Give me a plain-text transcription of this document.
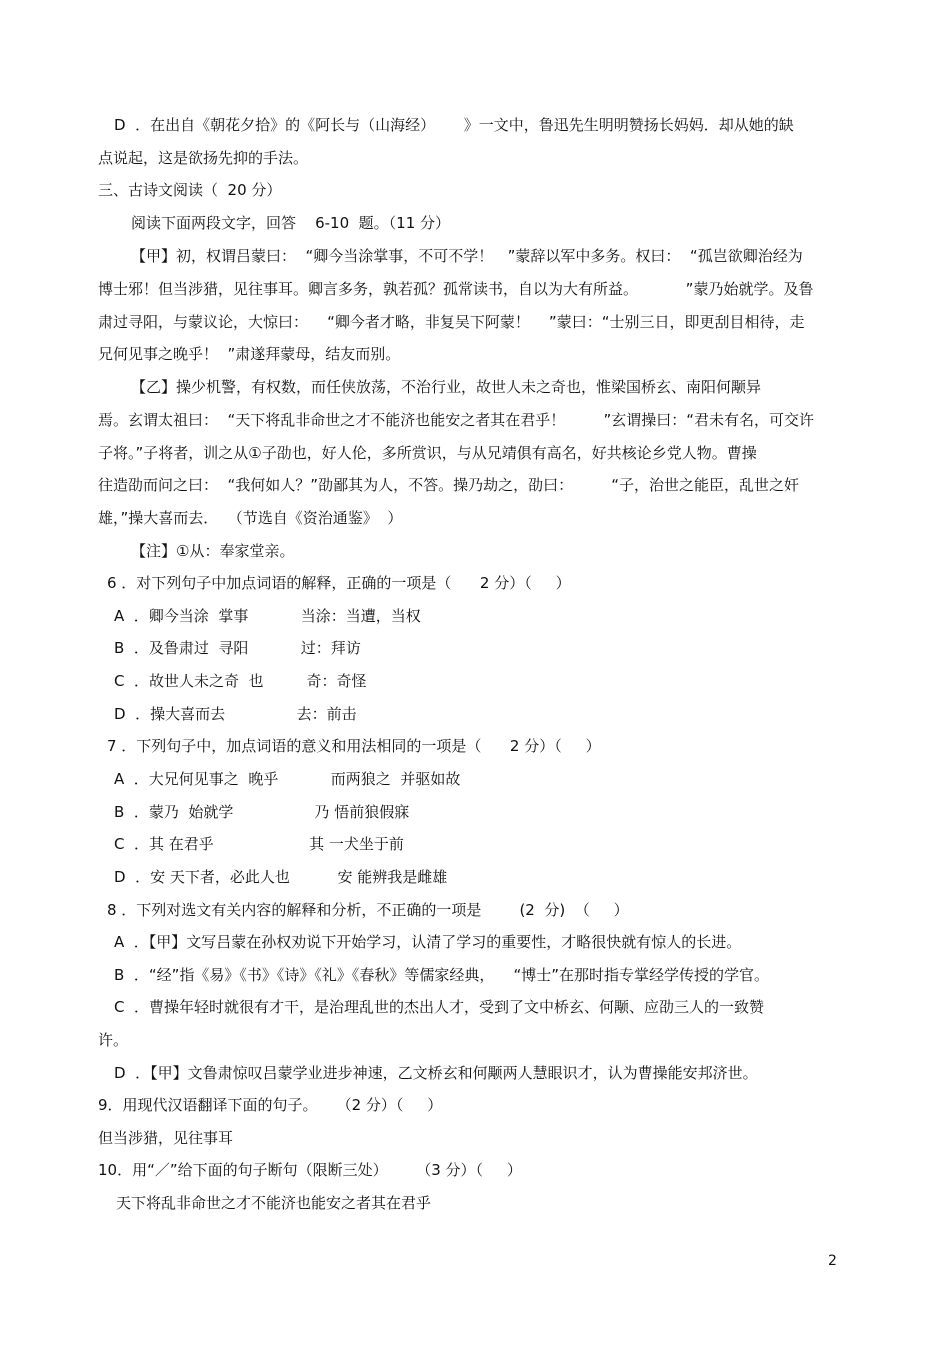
D  ．在出自《朝花夕拾》的《阿长与（山海经）      》一文中，鲁迅先生明明赞扬长妈妈．却从她的缺
点说起，这是欲扬先抑的手法。
三、古诗文阅读（  20 分）
阅读下面两段文字，回答    6-10  题。（11 分）
【甲】初，权谓吕蒙曰：  “卿今当涂掌事，不可不学！   ”蒙辞以军中多务。权曰：  “孤岂欲卿治经为
博士邪！但当涉猎，见往事耳。卿言多务，孰若孤？孤常读书，自以为大有所益。          ”蒙乃始就学。及鲁
肃过寻阳，与蒙议论，大惊曰：    “卿今者才略，非复吴下阿蒙！    ”蒙曰：“士别三日，即更刮目相待，走
兄何见事之晚乎！  ”肃遂拜蒙母，结友而别。
【乙】操少机警，有权数，而任侠放荡，不治行业，故世人未之奇也，惟梁国桥玄、南阳何颙异
焉。玄谓太祖曰：  “天下将乱非命世之才不能济也能安之者其在君乎！        ”玄谓操曰：“君未有名，可交许
子将。”子将者，训之从①子劭也，好人伦，多所赏识，与从兄靖俱有高名，好共核论乡党人物。曹操
往造劭而问之曰：  “我何如人？”劭鄙其为人，不答。操乃劫之，劭曰：        “子，治世之能臣，乱世之奸
雄，”操大喜而去．  （节选自《资治通鉴》  ）
【注】①从：奉家堂亲。
6 ．对下列句子中加点词语的解释，正确的一项是（      2 分）（     ）
A  ．卿今当涂  掌事           当涂：当遭，当权
B  ．及鲁肃过  寻阳           过：拜访
C  ．故世人未之奇  也         奇：奇怪
D  ．操大喜而去               去：前击
7 ．下列句子中，加点词语的意义和用法相同的一项是（      2 分）（     ）
A  ．大兄何见事之  晚乎           而两狼之  并驱如故
B  ．蒙乃  始就学                 乃 悟前狼假寐
C  ．其 在君乎                    其 一犬坐于前
D  ．安 天下者，必此人也          安 能辨我是雌雄
8 ．下列对选文有关内容的解释和分析，不正确的一项是        (2  分)  （     ）
A  ．【甲】文写吕蒙在孙权劝说下开始学习，认清了学习的重要性，才略很快就有惊人的长进。
B  ．“经”指《易》《书》《诗》《礼》《春秋》等儒家经典，    “博士”在那时指专掌经学传授的学官。
C  ．曹操年轻时就很有才干，是治理乱世的杰出人才，受到了文中桥玄、何颙、应劭三人的一致赞
许。
D  ．【甲】文鲁肃惊叹吕蒙学业进步神速，乙文桥玄和何颙两人慧眼识才，认为曹操能安邦济世。
9．用现代汉语翻译下面的句子。    （2 分）（     ）
但当涉猎，见往事耳
10．用“／”给下面的句子断句（限断三处）      （3 分）（     ）
天下将乱非命世之才不能济也能安之者其在君乎
2
